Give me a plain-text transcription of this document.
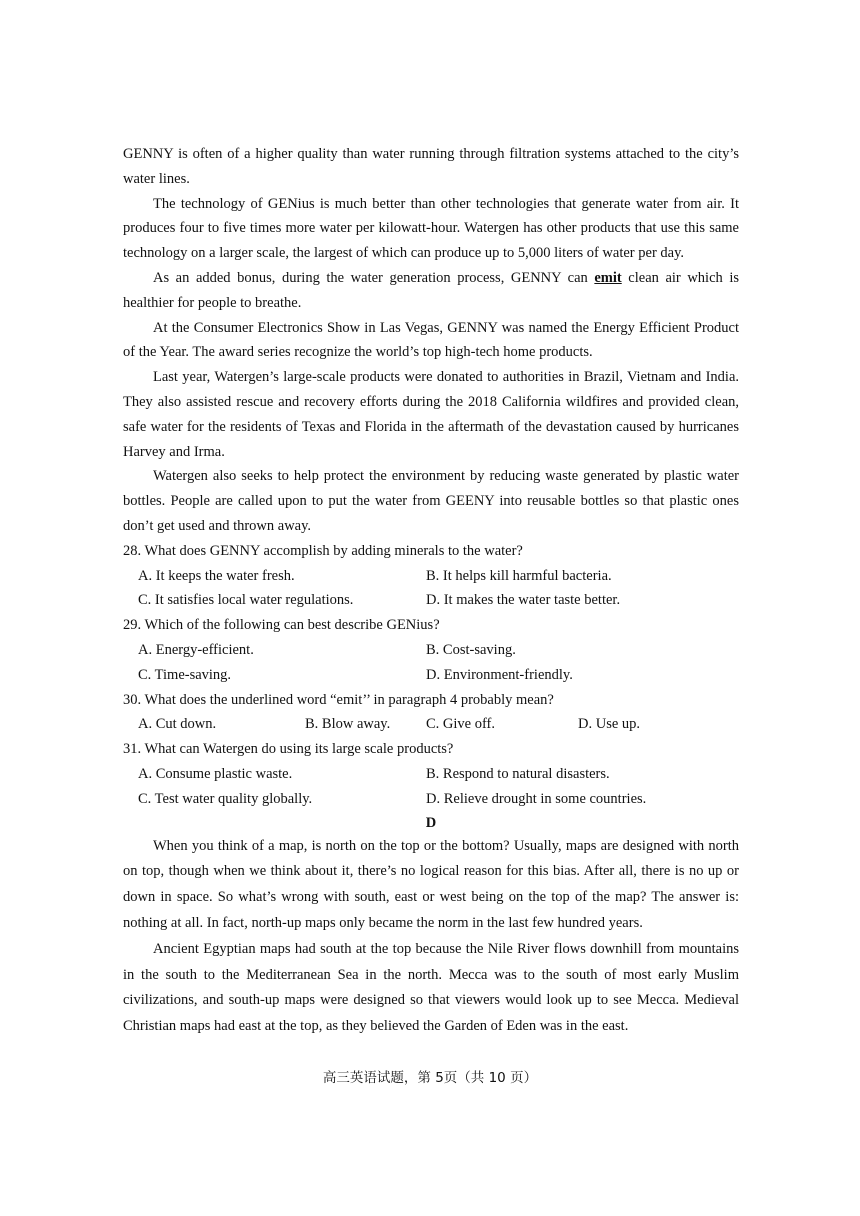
GENNY is often of a higher quality than water running through filtration systems attached to the city’s water lines.

The technology of GENius is much better than other technologies that generate water from air. It produces four to five times more water per kilowatt-hour. Watergen has other products that use this same technology on a larger scale, the largest of which can produce up to 5,000 liters of water per day.

As an added bonus, during the water generation process, GENNY can emit clean air which is healthier for people to breathe.

At the Consumer Electronics Show in Las Vegas, GENNY was named the Energy Efficient Product of the Year. The award series recognize the world’s top high-tech home products.

Last year, Watergen’s large-scale products were donated to authorities in Brazil, Vietnam and India. They also assisted rescue and recovery efforts during the 2018 California wildfires and provided clean, safe water for the residents of Texas and Florida in the aftermath of the devastation caused by hurricanes Harvey and Irma.

Watergen also seeks to help protect the environment by reducing waste generated by plastic water bottles. People are called upon to put the water from GEENY into reusable bottles so that plastic ones don’t get used and thrown away.

28. What does GENNY accomplish by adding minerals to the water?
A. It keeps the water fresh.	B. It helps kill harmful bacteria.
C. It satisfies local water regulations.	D. It makes the water taste better.
29. Which of the following can best describe GENius?
A. Energy-efficient.	B. Cost-saving.
C. Time-saving.	D. Environment-friendly.
30. What does the underlined word “emit’’ in paragraph 4 probably mean?
A. Cut down.	B. Blow away.	C. Give off.	D. Use up.
31. What can Watergen do using its large scale products?
A. Consume plastic waste.	B. Respond to natural disasters.
C. Test water quality globally.	D. Relieve drought in some countries.
D

When you think of a map, is north on the top or the bottom? Usually, maps are designed with north on top, though when we think about it, there’s no logical reason for this bias. After all, there is no up or down in space. So what’s wrong with south, east or west being on the top of the map? The answer is: nothing at all. In fact, north-up maps only became the norm in the last few hundred years.

Ancient Egyptian maps had south at the top because the Nile River flows downhill from mountains in the south to the Mediterranean Sea in the north. Mecca was to the south of most early Muslim civilizations, and south-up maps were designed so that viewers would look up to see Mecca. Medieval Christian maps had east at the top, as they believed the Garden of Eden was in the east.

高三英语试题，第 5页（共 10 页）
